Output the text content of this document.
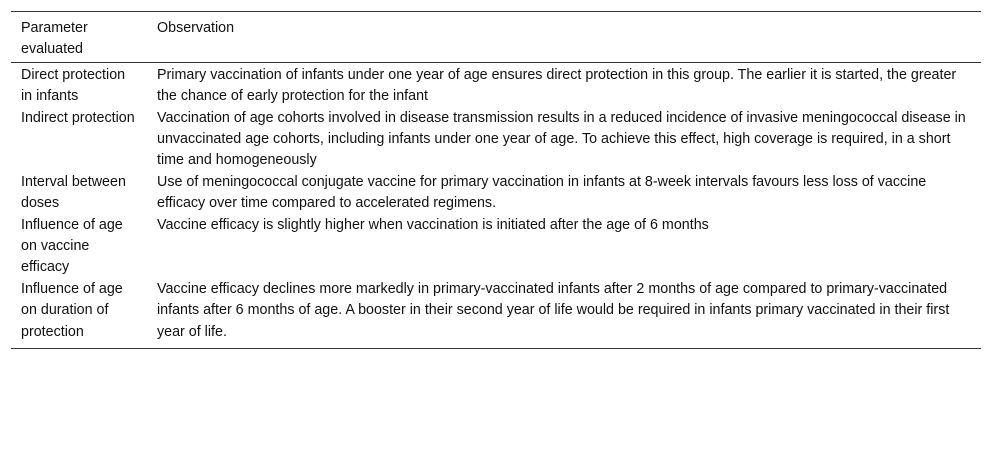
Parameter evaluated	Observation
Direct protection in infants	Primary vaccination of infants under one year of age ensures direct protection in this group. The earlier it is started, the greater the chance of early protection for the infant
Indirect protection	Vaccination of age cohorts involved in disease transmission results in a reduced incidence of invasive meningococcal disease in unvaccinated age cohorts, including infants under one year of age. To achieve this effect, high coverage is required, in a short time and homogeneously
Interval between doses	Use of meningococcal conjugate vaccine for primary vaccination in infants at 8-week intervals favours less loss of vaccine efficacy over time compared to accelerated regimens.
Influence of age on vaccine efficacy	Vaccine efficacy is slightly higher when vaccination is initiated after the age of 6 months
Influence of age on duration of protection	Vaccine efficacy declines more markedly in primary-vaccinated infants after 2 months of age compared to primary-vaccinated infants after 6 months of age. A booster in their second year of life would be required in infants primary vaccinated in their first year of life.
